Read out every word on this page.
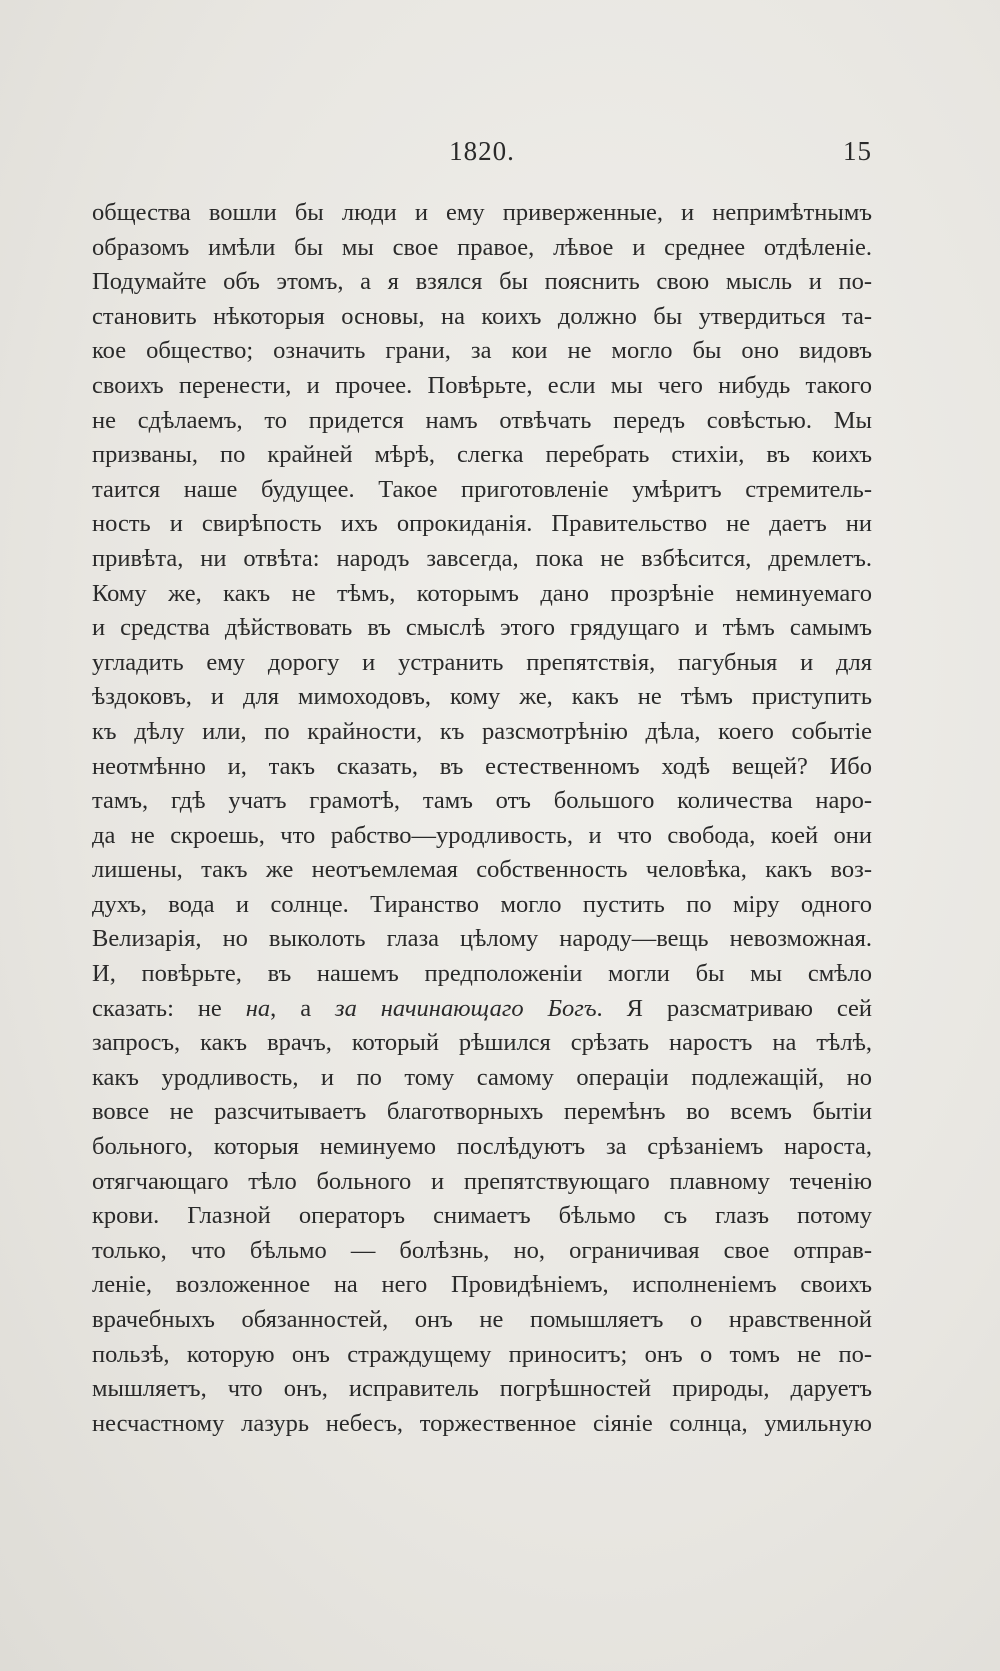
1820.	15
общества вошли бы люди и ему приверженные, и непримѣтнымъ
образомъ имѣли бы мы свое правое, лѣвое и среднее отдѣленіе.
Подумайте объ этомъ, а я взялся бы пояснить свою мысль и по-
становить нѣкоторыя основы, на коихъ должно бы утвердиться та-
кое общество; означить грани, за кои не могло бы оно видовъ
своихъ перенести, и прочее. Повѣрьте, если мы чего нибудь такого
не сдѣлаемъ, то придется намъ отвѣчать передъ совѣстью. Мы
призваны, по крайней мѣрѣ, слегка перебрать стихіи, въ коихъ
таится наше будущее. Такое приготовленіе умѣритъ стремитель-
ность и свирѣпость ихъ опрокиданія. Правительство не даетъ ни
привѣта, ни отвѣта: народъ завсегда, пока не взбѣсится, дремлетъ.
Кому же, какъ не тѣмъ, которымъ дано прозрѣніе неминуемаго
и средства дѣйствовать въ смыслѣ этого грядущаго и тѣмъ самымъ
угладить ему дорогу и устранить препятствія, пагубныя и для
ѣздоковъ, и для мимоходовъ, кому же, какъ не тѣмъ приступить
къ дѣлу или, по крайности, къ разсмотрѣнію дѣла, коего событіе
неотмѣнно и, такъ сказать, въ естественномъ ходѣ вещей? Ибо
тамъ, гдѣ учатъ грамотѣ, тамъ отъ большого количества наро-
да не скроешь, что рабство—уродливость, и что свобода, коей они
лишены, такъ же неотъемлемая собственность человѣка, какъ воз-
духъ, вода и солнце. Тиранство могло пустить по міру одного
Велизарія, но выколоть глаза цѣлому народу—вещь невозможная.
И, повѣрьте, въ нашемъ предположеніи могли бы мы смѣло
сказать: не на, а за начинающаго Богъ. Я разсматриваю сей
запросъ, какъ врачъ, который рѣшился срѣзать наростъ на тѣлѣ,
какъ уродливость, и по тому самому операціи подлежащій, но
вовсе не разсчитываетъ благотворныхъ перемѣнъ во всемъ бытіи
больного, которыя неминуемо послѣдуютъ за срѣзаніемъ нароста,
отягчающаго тѣло больного и препятствующаго плавному теченію
крови. Глазной операторъ снимаетъ бѣльмо съ глазъ потому
только, что бѣльмо — болѣзнь, но, ограничивая свое отправ-
леніе, возложенное на него Провидѣніемъ, исполненіемъ своихъ
врачебныхъ обязанностей, онъ не помышляетъ о нравственной
пользѣ, которую онъ страждущему приноситъ; онъ о томъ не по-
мышляетъ, что онъ, исправитель погрѣшностей природы, даруетъ
несчастному лазурь небесъ, торжественное сіяніе солнца, умильную
